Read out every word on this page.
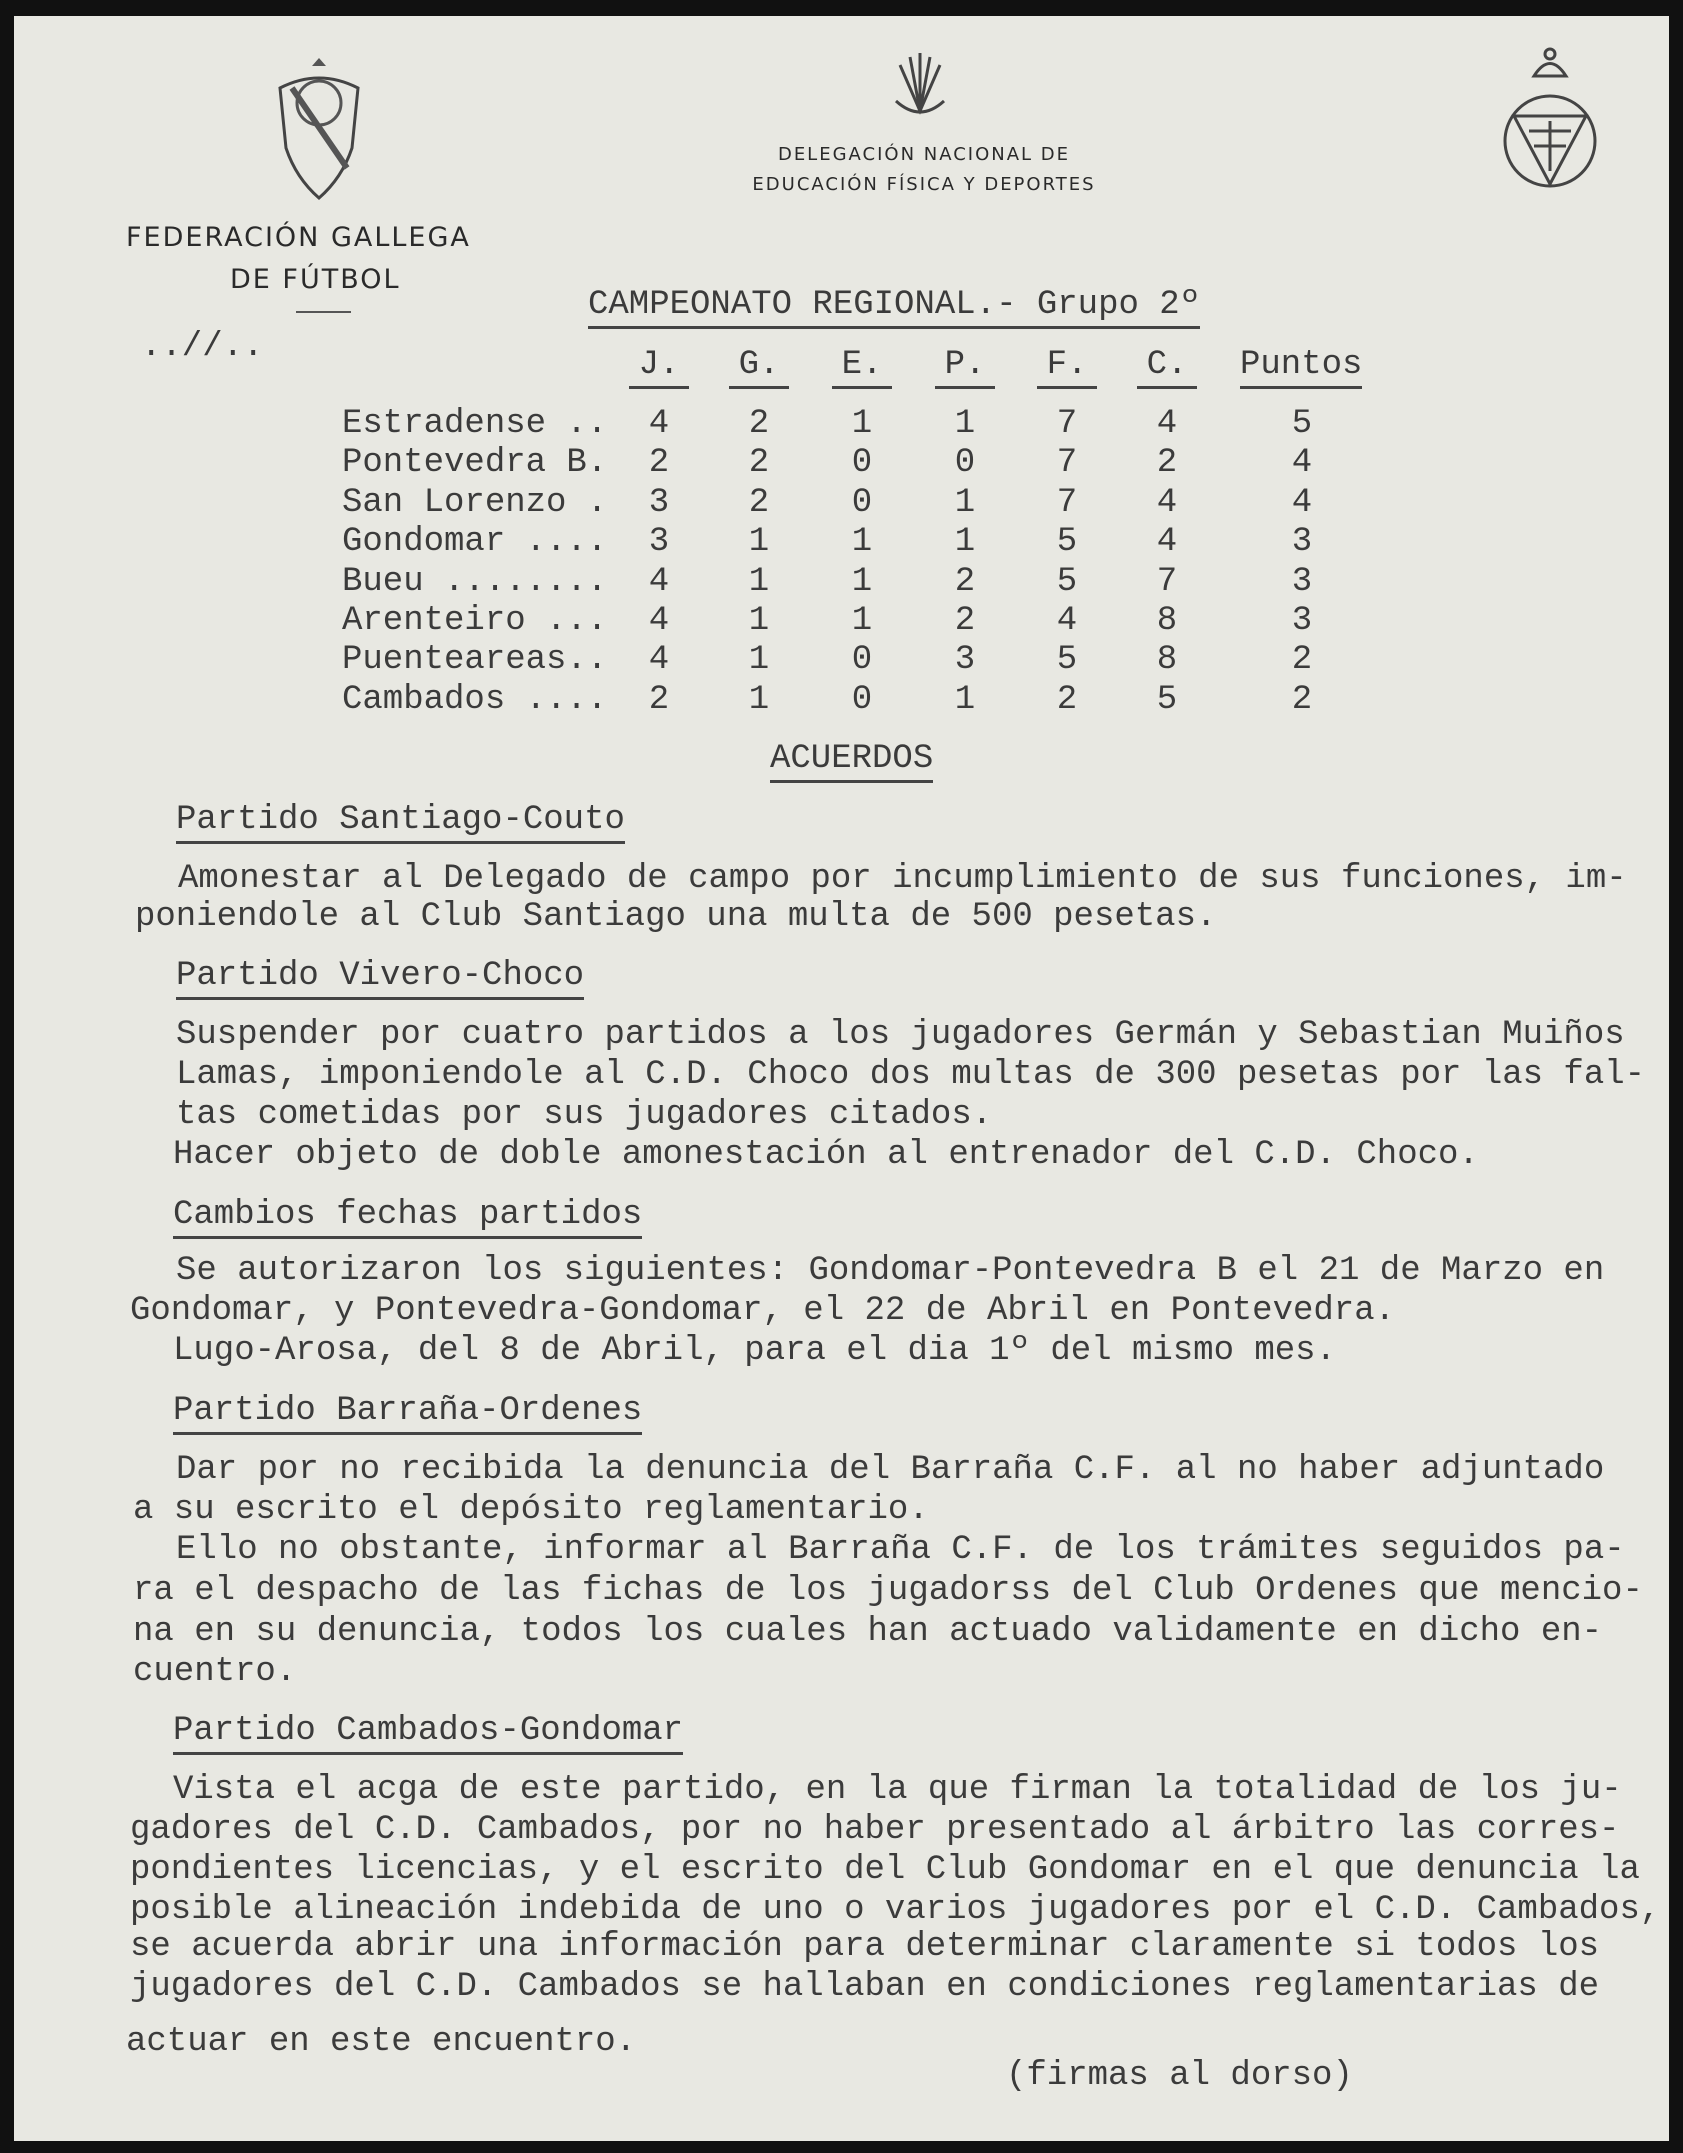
FEDERACIÓN GALLEGA
DE FÚTBOL
DELEGACIÓN NACIONAL DE
EDUCACIÓN FÍSICA Y DEPORTES
..//..
CAMPEONATO REGIONAL.- Grupo 2º
J. G. E. P. F. C. Puntos
Estradense ..	4	2	1	1	7	4	5
Pontevedra B.	2	2	0	0	7	2	4
San Lorenzo .	3	2	0	1	7	4	4
Gondomar ....	3	1	1	1	5	4	3
Bueu ........	4	1	1	2	5	7	3
Arenteiro ...	4	1	1	2	4	8	3
Puenteareas..	4	1	0	3	5	8	2
Cambados ....	2	1	0	1	2	5	2
ACUERDOS
Partido Santiago-Couto
Amonestar al Delegado de campo por incumplimiento de sus funciones, im-
poniendole al Club Santiago una multa de 500 pesetas.
Partido Vivero-Choco
Suspender por cuatro partidos a los jugadores Germán y Sebastian Muiños
Lamas, imponiendole al C.D. Choco dos multas de 300 pesetas por las fal-
tas cometidas por sus jugadores citados.
Hacer objeto de doble amonestación al entrenador del C.D. Choco.
Cambios fechas partidos
Se autorizaron los siguientes: Gondomar-Pontevedra B el 21 de Marzo en
Gondomar, y Pontevedra-Gondomar, el 22 de Abril en Pontevedra.
Lugo-Arosa, del 8 de Abril, para el dia 1º del mismo mes.
Partido Barraña-Ordenes
Dar por no recibida la denuncia del Barraña C.F. al no haber adjuntado
a su escrito el depósito reglamentario.
Ello no obstante, informar al Barraña C.F. de los trámites seguidos pa-
ra el despacho de las fichas de los jugadorss del Club Ordenes que mencio-
na en su denuncia, todos los cuales han actuado validamente en dicho en-
cuentro.
Partido Cambados-Gondomar
Vista el acga de este partido, en la que firman la totalidad de los ju-
gadores del C.D. Cambados, por no haber presentado al árbitro las corres-
pondientes licencias, y el escrito del Club Gondomar en el que denuncia la
posible alineación indebida de uno o varios jugadores por el C.D. Cambados,
se acuerda abrir una información para determinar claramente si todos los
jugadores del C.D. Cambados se hallaban en condiciones reglamentarias de
actuar en este encuentro.
(firmas al dorso)
